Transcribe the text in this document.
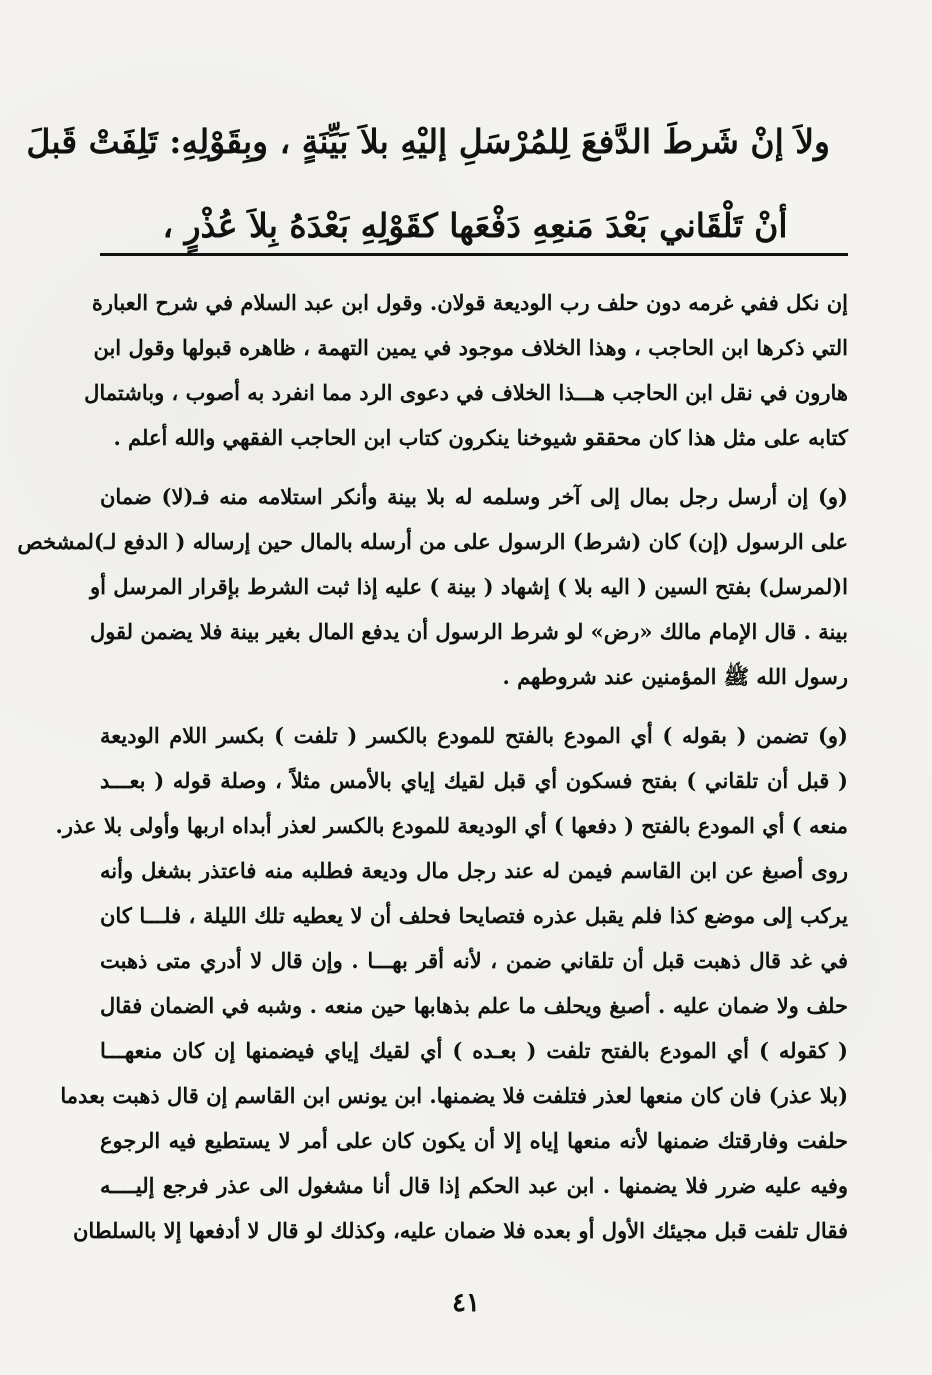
ولاَ إنْ شَرطَ الدَّفعَ لِلمُرْسَلِ إليْهِ بلاَ بَيِّنَةٍ ، وبِقَوْلِهِ: تَلِفَتْ قَبلَ
أنْ تَلْقَاني بَعْدَ مَنعِهِ دَفْعَها كقَوْلِهِ بَعْدَهُ بِلاَ عُذْرٍ ،
إن نكل ففي غرمه دون حلف رب الوديعة قولان. وقول ابن عبد السلام في شرح العبارة
التي ذكرها ابن الحاجب ، وهذا الخلاف موجود في يمين التهمة ، ظاهره قبولها وقول ابن
هارون في نقل ابن الحاجب هـــذا الخلاف في دعوى الرد مما انفرد به أصوب ، وباشتمال
كتابه على مثل هذا كان محققو شيوخنا ينكرون كتاب ابن الحاجب الفقهي والله أعلم .
(و) إن أرسل رجل بمال إلى آخر وسلمه له بلا بينة وأنكر استلامه منه فـ(لا) ضمان
على الرسول (إن) كان (شرط) الرسول على من أرسله بالمال حين إرساله ( الدفع لـ)لمشخص
ا(لمرسل) بفتح السين ( اليه بلا ) إشهاد ( بينة ) عليه إذا ثبت الشرط بإقرار المرسل أو
بينة . قال الإمام مالك «رض» لو شرط الرسول أن يدفع المال بغير بينة فلا يضمن لقول
رسول الله ﷺ المؤمنين عند شروطهم .
(و) تضمن ( بقوله ) أي المودع بالفتح للمودع بالكسر ( تلفت ) بكسر اللام الوديعة
( قبل أن تلقاني ) بفتح فسكون أي قبل لقيك إياي بالأمس مثلاً ، وصلة قوله ( بعـــد
منعه ) أي المودع بالفتح ( دفعها ) أي الوديعة للمودع بالكسر لعذر أبداه اربها وأولى بلا عذر.
روى أصبغ عن ابن القاسم فيمن له عند رجل مال وديعة فطلبه منه فاعتذر بشغل وأنه
يركب إلى موضع كذا فلم يقبل عذره فتصايحا فحلف أن لا يعطيه تلك الليلة ، فلـــا كان
في غد قال ذهبت قبل أن تلقاني ضمن ، لأنه أقر بهـــا . وإن قال لا أدري متى ذهبت
حلف ولا ضمان عليه . أصبغ ويحلف ما علم بذهابها حين منعه . وشبه في الضمان فقال
( كقوله ) أي المودع بالفتح تلفت ( بعـده ) أي لقيك إياي فيضمنها إن كان منعهـــا
(بلا عذر) فان كان منعها لعذر فتلفت فلا يضمنها. ابن يونس ابن القاسم إن قال ذهبت بعدما
حلفت وفارقتك ضمنها لأنه منعها إياه إلا أن يكون كان على أمر لا يستطيع فيه الرجوع
وفيه عليه ضرر فلا يضمنها . ابن عبد الحكم إذا قال أنا مشغول الى عذر فرجع إليــــه
فقال تلفت قبل مجيئك الأول أو بعده فلا ضمان عليه، وكذلك لو قال لا أدفعها إلا بالسلطان
٤١
